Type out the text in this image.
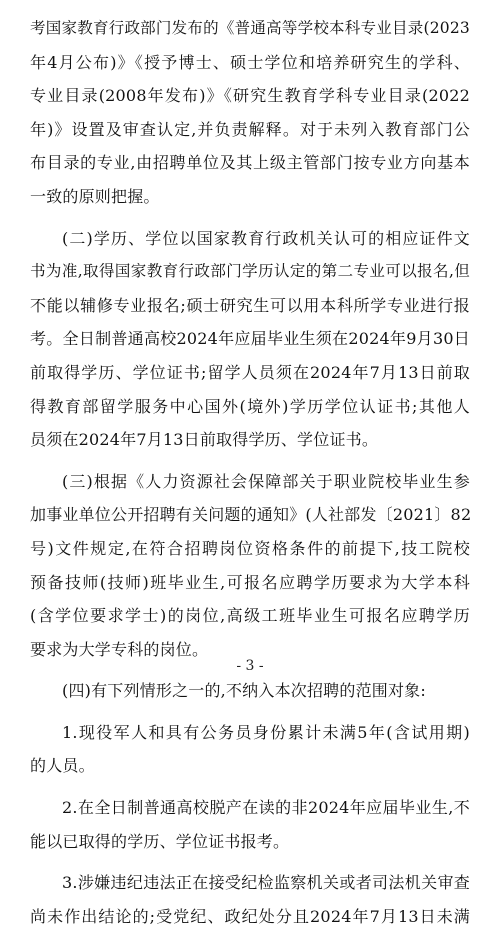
考国家教育行政部门发布的《普通高等学校本科专业目录(2023
年4月公布)》《授予博士、硕士学位和培养研究生的学科、
专业目录(2008年发布)》《研究生教育学科专业目录(2022
年)》设置及审查认定,并负责解释。对于未列入教育部门公
布目录的专业,由招聘单位及其上级主管部门按专业方向基本
一致的原则把握。
(二)学历、学位以国家教育行政机关认可的相应证件文
书为准,取得国家教育行政部门学历认定的第二专业可以报名,但
不能以辅修专业报名;硕士研究生可以用本科所学专业进行报
考。全日制普通高校2024年应届毕业生须在2024年9月30日
前取得学历、学位证书;留学人员须在2024年7月13日前取
得教育部留学服务中心国外(境外)学历学位认证书;其他人
员须在2024年7月13日前取得学历、学位证书。
(三)根据《人力资源社会保障部关于职业院校毕业生参
加事业单位公开招聘有关问题的通知》(人社部发〔2021〕82
号)文件规定,在符合招聘岗位资格条件的前提下,技工院校
预备技师(技师)班毕业生,可报名应聘学历要求为大学本科
(含学位要求学士)的岗位,高级工班毕业生可报名应聘学历
要求为大学专科的岗位。
(四)有下列情形之一的,不纳入本次招聘的范围对象:
1.现役军人和具有公务员身份累计未满5年(含试用期)
的人员。
2.在全日制普通高校脱产在读的非2024年应届毕业生,不
能以已取得的学历、学位证书报考。
3.涉嫌违纪违法正在接受纪检监察机关或者司法机关审查
尚未作出结论的;受党纪、政纪处分且2024年7月13日未满
- 3 -
